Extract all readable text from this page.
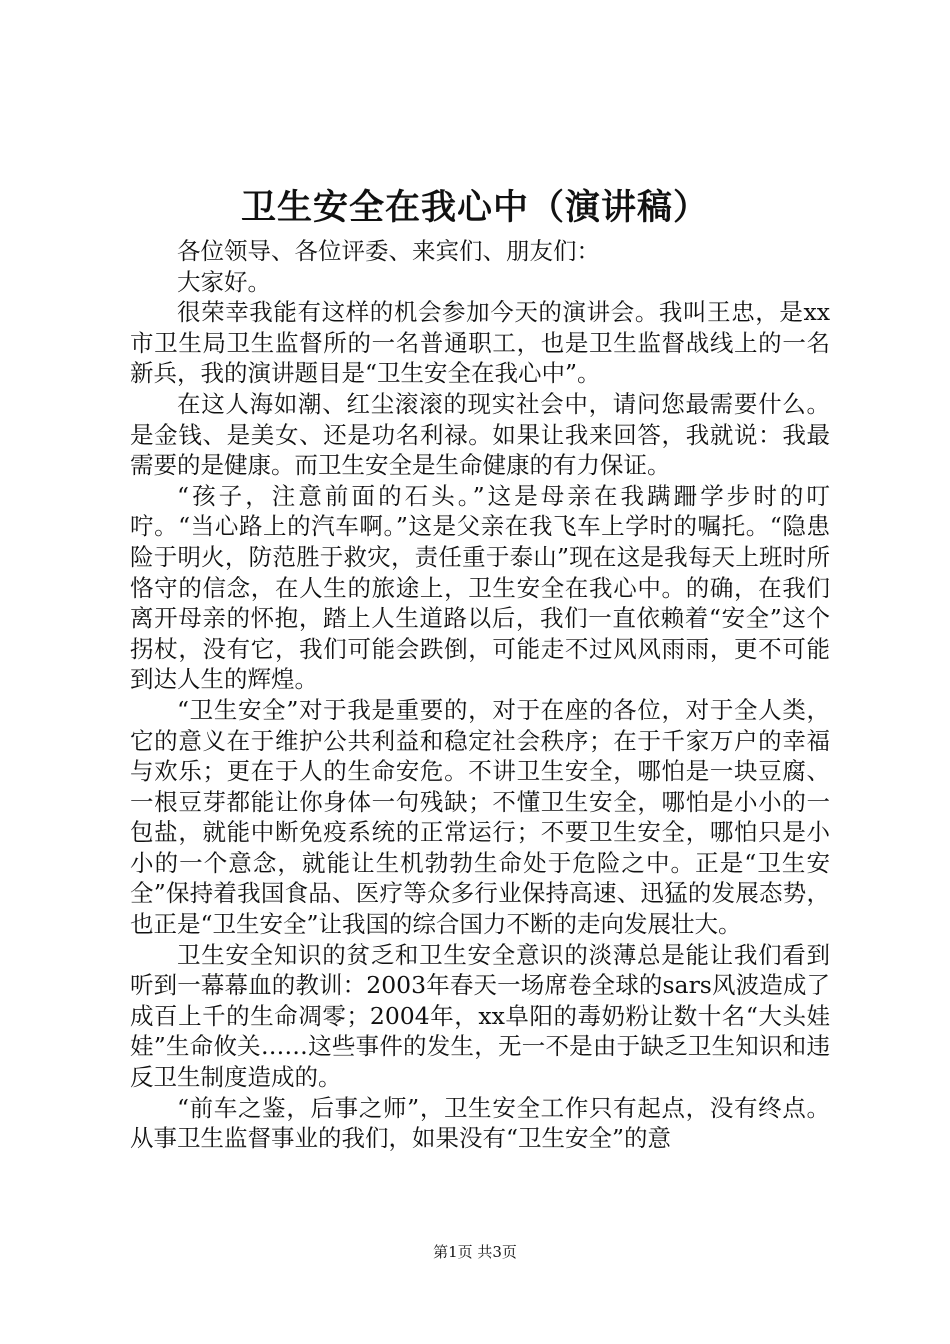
卫生安全在我心中（演讲稿）

各位领导、各位评委、来宾们、朋友们：

大家好。

很荣幸我能有这样的机会参加今天的演讲会。我叫王忠，是xx市卫生局卫生监督所的一名普通职工，也是卫生监督战线上的一名新兵，我的演讲题目是“卫生安全在我心中”。

在这人海如潮、红尘滚滚的现实社会中，请问您最需要什么。是金钱、是美女、还是功名利禄。如果让我来回答，我就说：我最需要的是健康。而卫生安全是生命健康的有力保证。

“孩子，注意前面的石头。”这是母亲在我蹒跚学步时的叮咛。“当心路上的汽车啊。”这是父亲在我飞车上学时的嘱托。“隐患险于明火，防范胜于救灾，责任重于泰山”现在这是我每天上班时所恪守的信念，在人生的旅途上，卫生安全在我心中。的确，在我们离开母亲的怀抱，踏上人生道路以后，我们一直依赖着“安全”这个拐杖，没有它，我们可能会跌倒，可能走不过风风雨雨，更不可能到达人生的辉煌。

“卫生安全”对于我是重要的，对于在座的各位，对于全人类，它的意义在于维护公共利益和稳定社会秩序；在于千家万户的幸福与欢乐；更在于人的生命安危。不讲卫生安全，哪怕是一块豆腐、一根豆芽都能让你身体一句残缺；不懂卫生安全，哪怕是小小的一包盐，就能中断免疫系统的正常运行；不要卫生安全，哪怕只是小小的一个意念，就能让生机勃勃生命处于危险之中。正是“卫生安全”保持着我国食品、医疗等众多行业保持高速、迅猛的发展态势，也正是“卫生安全”让我国的综合国力不断的走向发展壮大。

卫生安全知识的贫乏和卫生安全意识的淡薄总是能让我们看到听到一幕幕血的教训：2003年春天一场席卷全球的sars风波造成了成百上千的生命凋零；2004年，xx阜阳的毒奶粉让数十名“大头娃娃”生命攸关……这些事件的发生，无一不是由于缺乏卫生知识和违反卫生制度造成的。

“前车之鉴，后事之师”，卫生安全工作只有起点，没有终点。从事卫生监督事业的我们，如果没有“卫生安全”的意

第1页 共3页
